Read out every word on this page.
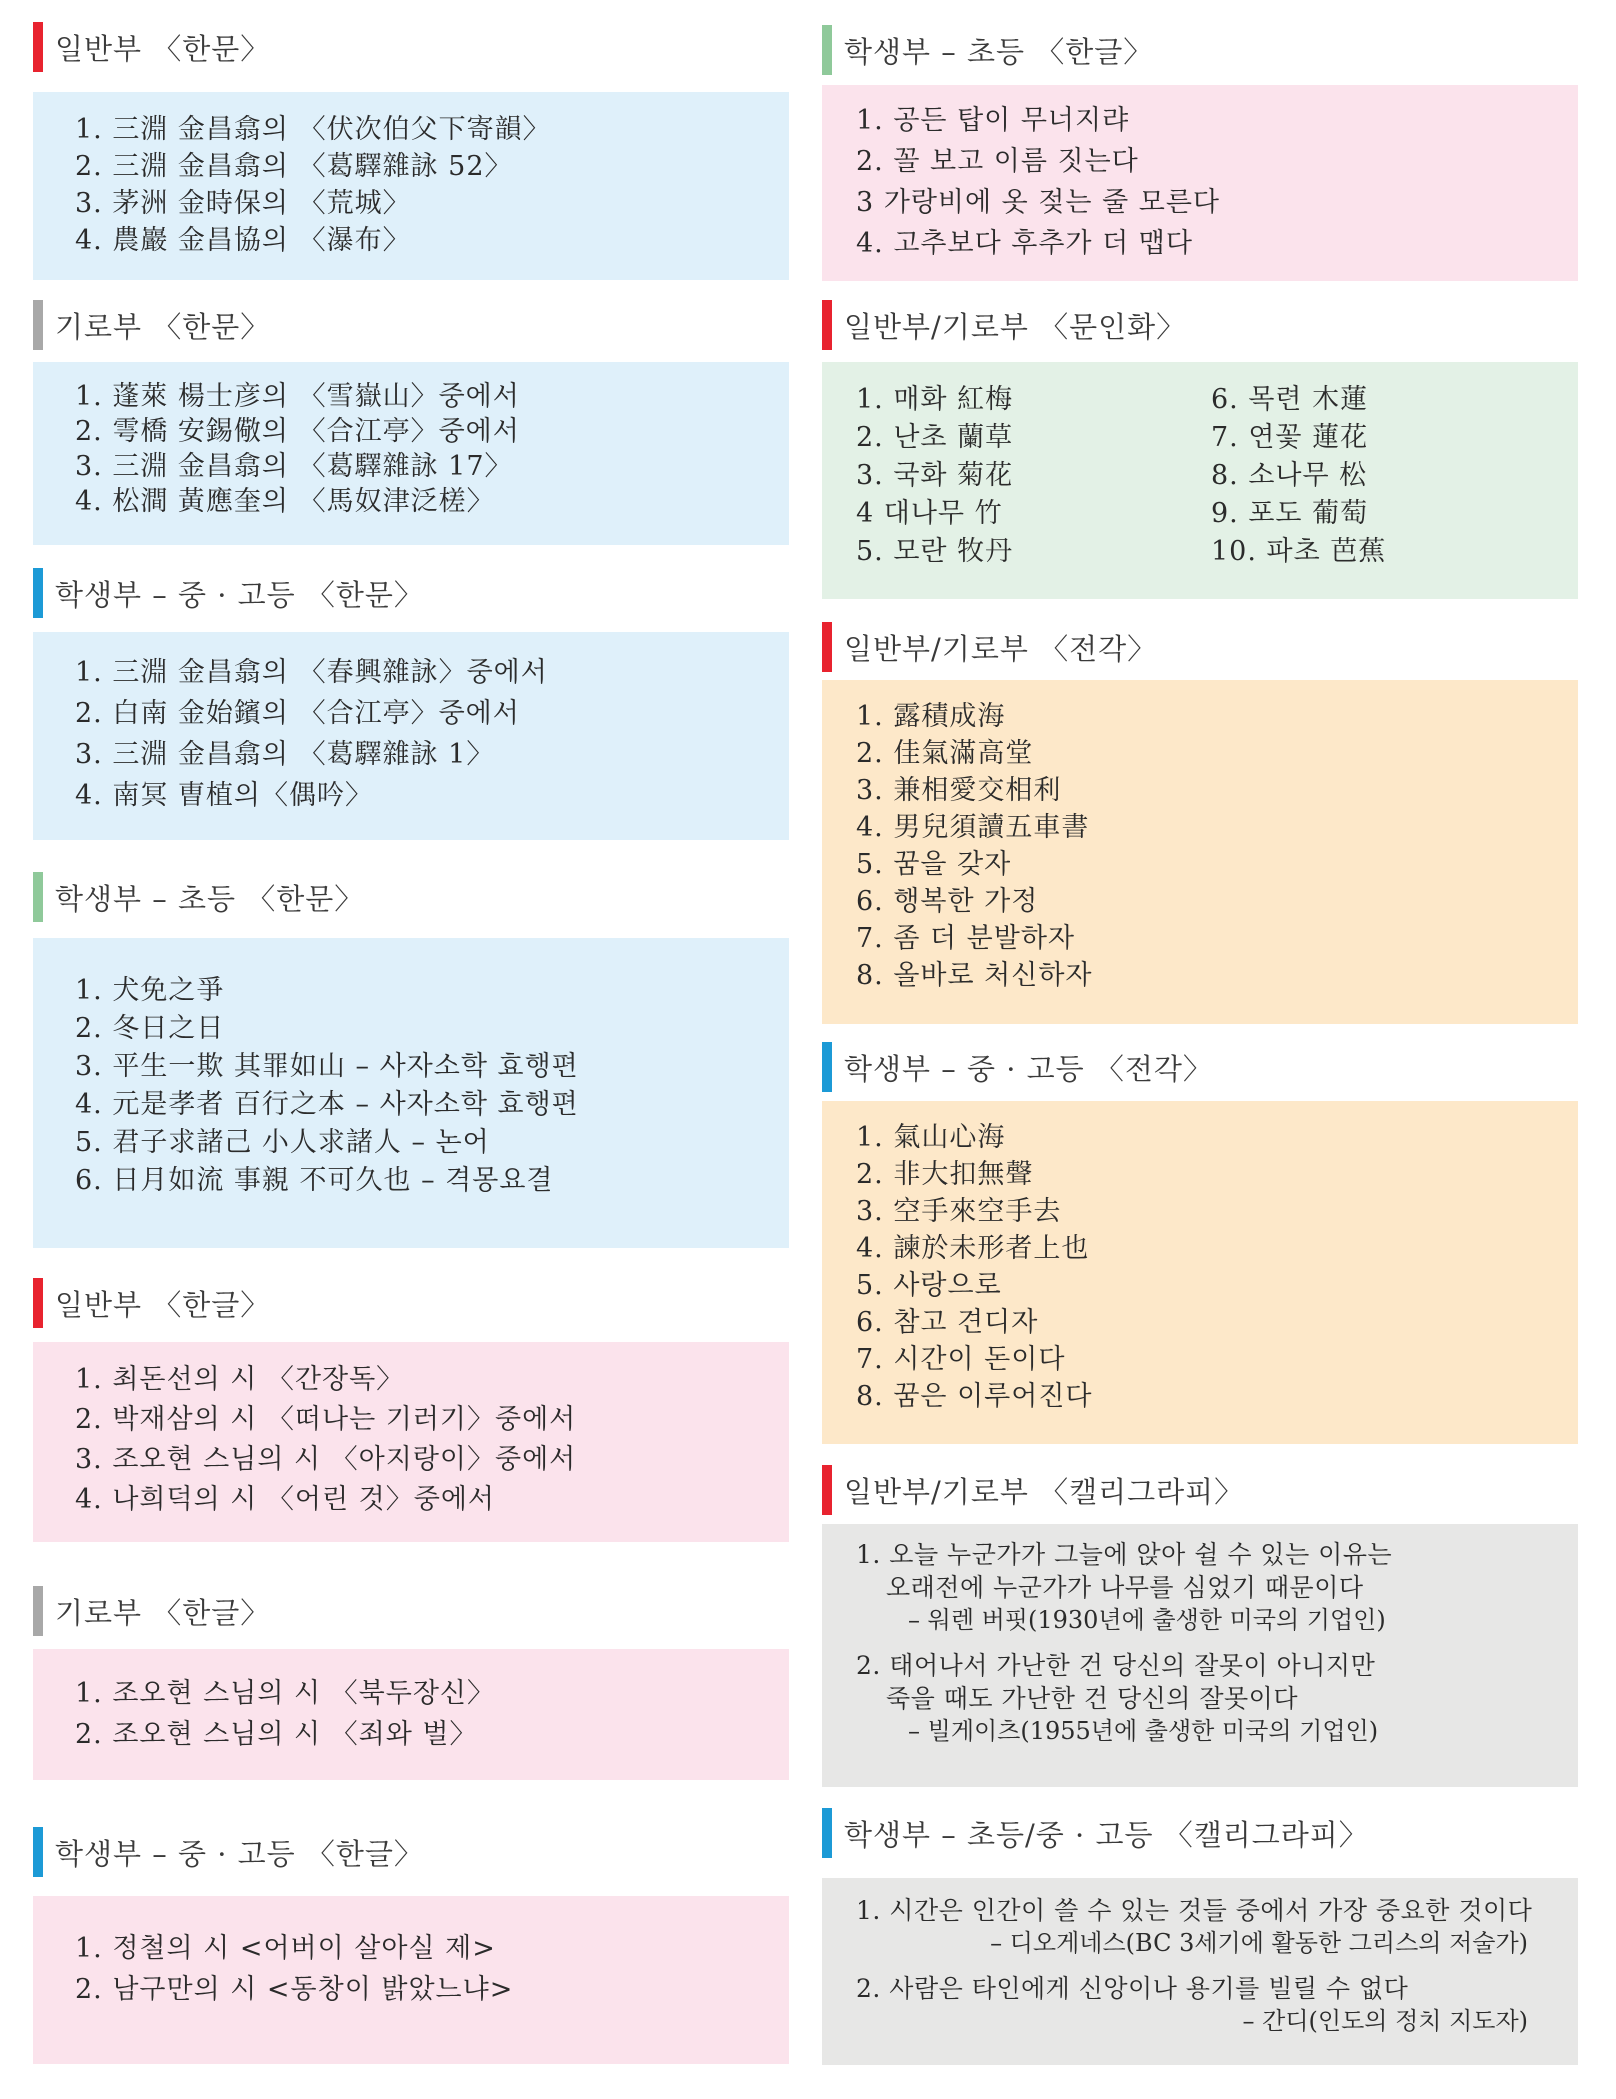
일반부 〈한문〉
1. 三淵 金昌翕의 〈伏次伯父下寄韻〉
2. 三淵 金昌翕의 〈葛驛雜詠 52〉
3. 茅洲 金時保의 〈荒城〉
4. 農巖 金昌協의 〈瀑布〉
기로부 〈한문〉
1. 蓬萊 楊士彦의 〈雪嶽山〉중에서
2. 雩橋 安錫儆의 〈合江亭〉중에서
3. 三淵 金昌翕의 〈葛驛雜詠 17〉
4. 松澗 黃應奎의 〈馬奴津泛槎〉
학생부 – 중 · 고등 〈한문〉
1. 三淵 金昌翕의 〈春興雜詠〉중에서
2. 白南 金始鑌의 〈合江亭〉중에서
3. 三淵 金昌翕의 〈葛驛雜詠 1〉
4. 南冥 曺植의〈偶吟〉
학생부 – 초등 〈한문〉
1. 犬免之爭
2. 冬日之日
3. 平生一欺 其罪如山 – 사자소학 효행편
4. 元是孝者 百行之本 – 사자소학 효행편
5. 君子求諸己 小人求諸人 – 논어
6. 日月如流 事親 不可久也 – 격몽요결
일반부 〈한글〉
1. 최돈선의 시 〈간장독〉
2. 박재삼의 시 〈떠나는 기러기〉중에서
3. 조오현 스님의 시 〈아지랑이〉중에서
4. 나희덕의 시 〈어린 것〉중에서
기로부 〈한글〉
1. 조오현 스님의 시 〈북두장신〉
2. 조오현 스님의 시 〈죄와 벌〉
학생부 – 중 · 고등 〈한글〉
1. 정철의 시 <어버이 살아실 제>
2. 남구만의 시 <동창이 밝았느냐>
학생부 – 초등 〈한글〉
1. 공든 탑이 무너지랴
2. 꼴 보고 이름 짓는다
3 가랑비에 옷 젖는 줄 모른다
4. 고추보다 후추가 더 맵다
일반부/기로부 〈문인화〉
1. 매화 紅梅
2. 난초 蘭草
3. 국화 菊花
4 대나무 竹
5. 모란 牧丹
6. 목련 木蓮
7. 연꽃 蓮花
8. 소나무 松
9. 포도 葡萄
10. 파초 芭蕉
일반부/기로부 〈전각〉
1. 露積成海
2. 佳氣滿高堂
3. 兼相愛交相利
4. 男兒須讀五車書
5. 꿈을 갖자
6. 행복한 가정
7. 좀 더 분발하자
8. 올바로 처신하자
학생부 – 중 · 고등 〈전각〉
1. 氣山心海
2. 非大扣無聲
3. 空手來空手去
4. 諫於未形者上也
5. 사랑으로
6. 참고 견디자
7. 시간이 돈이다
8. 꿈은 이루어진다
일반부/기로부 〈캘리그라피〉
1. 오늘 누군가가 그늘에 앉아 쉴 수 있는 이유는
오래전에 누군가가 나무를 심었기 때문이다
– 워렌 버핏(1930년에 출생한 미국의 기업인)
2. 태어나서 가난한 건 당신의 잘못이 아니지만
죽을 때도 가난한 건 당신의 잘못이다
– 빌게이츠(1955년에 출생한 미국의 기업인)
학생부 – 초등/중 · 고등 〈캘리그라피〉
1. 시간은 인간이 쓸 수 있는 것들 중에서 가장 중요한 것이다
– 디오게네스(BC 3세기에 활동한 그리스의 저술가)
2. 사람은 타인에게 신앙이나 용기를 빌릴 수 없다
– 간디(인도의 정치 지도자)
